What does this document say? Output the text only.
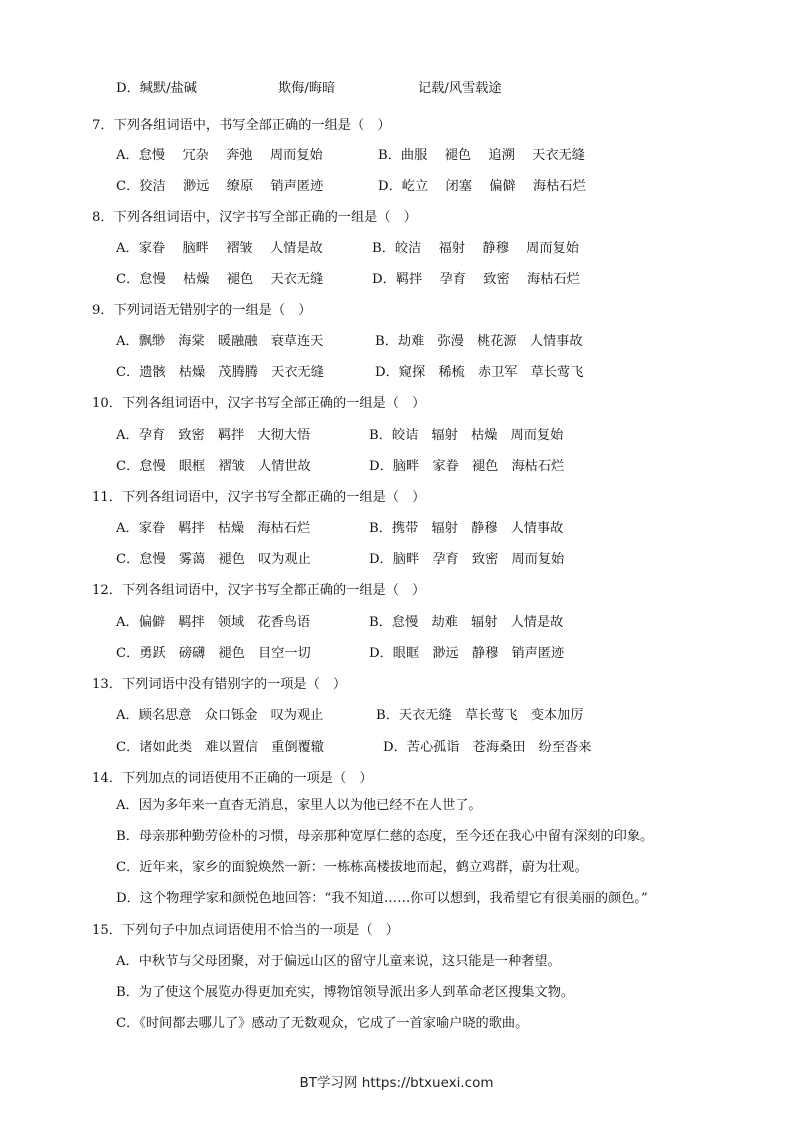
D．缄默/盐碱	欺侮/晦暗	记载/风雪载途
7．下列各组词语中，书写全部正确的一组是（　）
A．怠慢　 冗杂　 奔弛　 周而复始	B．曲服　 褪色　 追溯　 天衣无缝
C．狡洁　 渺远　 缭原　 销声匿迹	D．屹立　 闭塞　 偏僻　 海枯石烂
8．下列各组词语中，汉字书写全部正确的一组是（　）
A．家眷　 脑畔　 褶皱　 人情是故	B．皎洁　 福射　 静穆　 周而复始
C．怠慢　 枯燥　 褪色　 天衣无缝	D．羁拌　 孕育　 致密　 海枯石烂
9．下列词语无错别字的一组是（　）
A．飘缈　海棠　暖融融　衰草连天	B．劫难　弥漫　桃花源　人情事故
C．遗骸　枯燥　茂腾腾　天衣无缝	D．窥探　稀梳　赤卫军　草长莺飞
10．下列各组词语中，汉字书写全部正确的一组是（　）
A．孕育　致密　羁拌　大彻大悟	B．皎诘　辐射　枯燥　周而复始
C．怠慢　眼框　褶皱　人情世故	D．脑畔　家眷　褪色　海枯石烂
11．下列各组词语中，汉字书写全都正确的一组是（　）
A．家眷　羁拌　枯燥　海枯石烂	B．携带　辐射　静穆　人情事故
C．怠慢　雾蔼　褪色　叹为观止	D．脑畔　孕育　致密　周而复始
12．下列各组词语中，汉字书写全都正确的一组是（　）
A．偏僻　羁拌　领域　花香鸟语	B．怠慢　劫难　辐射　人情是故
C．勇跃　磅礴　褪色　目空一切	D．眼眶　渺远　静穆　销声匿迹
13．下列词语中没有错别字的一项是（　）
A．顾名思意　众口铄金　叹为观止	B．天衣无缝　草长莺飞　变本加厉
C．诸如此类　难以置信　重倒覆辙	D．苦心孤诣　苍海桑田　纷至沓来
14．下列加点的词语使用不正确的一项是（　）
A．因为多年来一直杳无消息，家里人以为他已经不在人世了。
B．母亲那种勤劳俭朴的习惯，母亲那种宽厚仁慈的态度，至今还在我心中留有深刻的印象。
C．近年来，家乡的面貌焕然一新：一栋栋高楼拔地而起，鹤立鸡群，蔚为壮观。
D．这个物理学家和颜悦色地回答：“我不知道……你可以想到，我希望它有很美丽的颜色。”
15．下列句子中加点词语使用不恰当的一项是（　）
A．中秋节与父母团聚，对于偏远山区的留守儿童来说，这只能是一种奢望。
B．为了使这个展览办得更加充实，博物馆领导派出多人到革命老区搜集文物。
C．《时间都去哪儿了》感动了无数观众，它成了一首家喻户晓的歌曲。
BT学习网 https://btxuexi.com
